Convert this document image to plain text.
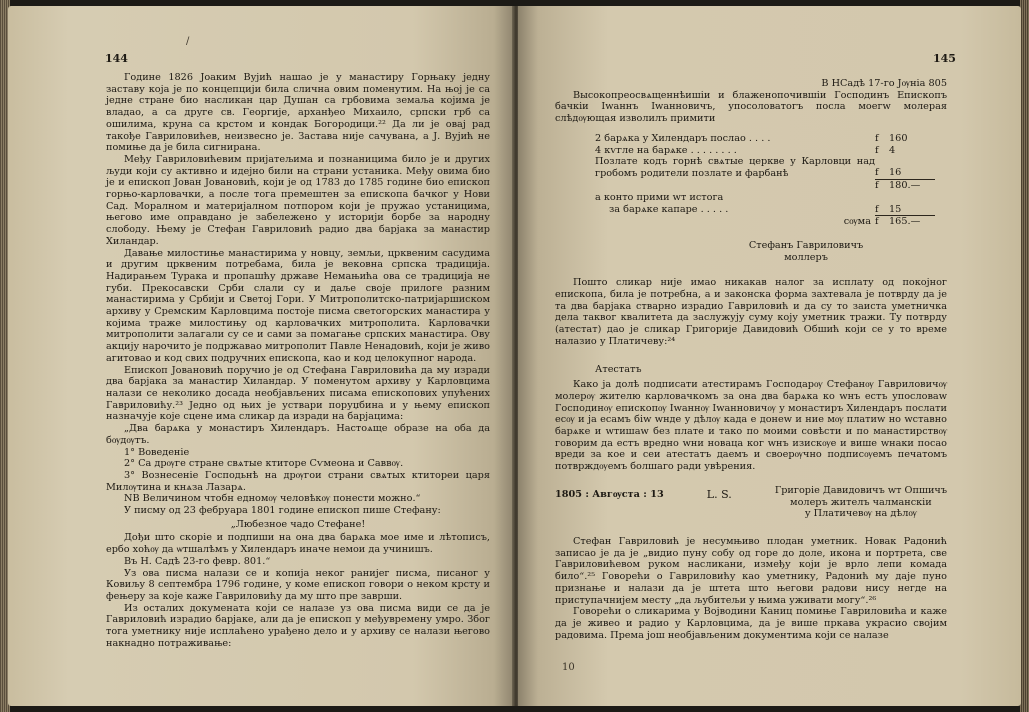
144
/

Године 1826 Јоаким Вујић нашао је у манастиру Горњаку једну заставу која је по концепцији била слична овим поменутим. На њој је са једне стране био насликан цар Душан са грбовима земаља којима је владао, а са друге св. Георгије, арханђео Михаило, српски грб са ошилима, круна са крстом и кондак Богородици.²² Да ли је овај рад такође Гавриловићев, неизвесно је. Застава није сачувана, а Ј. Вујић не помиње да је била сигнирана.

Међу Гавриловићевим пријатељима и познаницима било је и других људи који су активно и идејно били на страни устаника. Међу овима био је и епископ Јован Јовановић, који је од 1783 до 1785 године био епископ горњо-карловачки, а после тога премештен за епископа бачког у Нови Сад. Моралном и материјалном потпором који је пружао устаницима, његово име оправдано је забележено у историји борбе за народну слободу. Њему је Стефан Гавриловић радио два барјака за манастир Хиландар.

Давање милостиње манастирима у новцу, земљи, црквеним сасудима и другим црквеним потребама, била је вековна српска традиција. Надирањем Турака и пропашћу државе Немањића ова се традиција не губи. Прекосавски Срби слали су и даље своје прилоге разним манастирима у Србији и Светој Гори. У Митрополитско-патријаршиском архиву у Сремским Карловцима постоје писма светогорских манастира у којима траже милостињу од карловачких митрополита. Карловачки митрополити залагали су се и сами за помагање српских манастира. Ову акцију нарочито је подржавао митрополит Павле Ненадовић, који је живо агитовао и код свих подручних епископа, као и код целокупног народа.

Епископ Јовановић поручио је од Стефана Гавриловића да му изради два барјака за манастир Хиландар. У поменутом архиву у Карловцима налази се неколико досада необјављених писама епископових упућених Гавриловићу.²³ Једно од њих је уствари поруџбина и у њему епископ назначује које сцене има сликар да изради на барјацима:

„Два барѧка у монастиръ Хилендаръ. Настоѧще образе на оба да бѹдѹтъ.

1° Воведеніе

2° Са дрѹге стране свѧтые ктиторе Сѵмеона и Саввѹ.

3° Вознесеніе Господьнѣ на дрѹгои страни свѧтых ктитореи царя Милѹтина и кнѧза Лазарѧ.

NB Величином чтобн едномѹ человѣкѹ понести можно.“

У писму од 23 фебруара 1801 године епископ пише Стефану:

„Любезное чадо Стефане!

Дођи што скоріе и подпиши на она два барѧка мое име и лѣтописъ, ербо хоћѹ да ѡтшалѣмъ у Хилендаръ иначе немои да учинишъ.

Въ Н. Садѣ 23-го февр. 801.“

Уз ова писма налази се и копија неког ранијег писма, писаног у Ковиљу 8 септембра 1796 године, у коме епископ говори о неком крсту и фењеру за које каже Гавриловићу да му што пре заврши.

Из осталих докумената који се налазе уз ова писма види се да је Гавриловић израдио барјаке, али да је епископ у међувремену умро. Због тога уметнику није исплаћено урађено дело и у архиву се налази његово накнадно потраживање:

145

В НСадѣ 17-го Јѹніа 805

Высокопреосвѧщеннѣишіи и блаженопочившіи Господинъ Епископъ бачкіи Іwаннъ Іwанновичъ, упосоловатогъ посла моегw молерая слѣдѹющая изволилъ примити

2 барѧка у Хилендаръ послао . . . .	f	160
4 кѵгле на барѧке . . . . . . . .	f	4
Позлате кодъ горнѣ свѧтые церкве у Карловци над гробомъ родители позлате и фарбанѣ	f	16
	f	180.—
а конто прими wт истога		
за барѧке капаре . . . . .	f	15
сѹма	f	165.—

Стефанъ Гавриловичъ

моллеръ

Пошто сликар није имао никакав налог за исплату од покојног епископа, била је потребна, а и законска форма захтевала је потврду да је та два барјака стварно израдио Гавриловић и да су то заиста уметничка дела таквог квалитета да заслужују суму коју уметник тражи. Ту потврду (атестат) дао је сликар Григорије Давидовић Обшић који се у то време налазио у Платичеву:²⁴

Атестатъ

Како ја долѣ подписати атестирамъ Господарѹ Стефанѹ Гавриловичѹ молерѹ жителю карловачкомъ за она два барѧка ко wнъ естъ упословаw Господинѹ епископѹ Іwаннѹ Іwанновичѹ у монастиръ Хилендаръ послати есѹ и ја есамъ бiw wнде у дѣлѹ када е донеw и ние мѹ платиw но wставно барѧке и wтишаw без плате и тако по моими совѣсти и по манастирствѹ говорим да естъ вредно wни новаца ког wнъ изискѹе и више wнаки посао вреди за кое и сеи атестатъ даемъ и своерѹчно подписѹемъ печатомъ потврждѹемъ болшаго ради увѣрения.

1805 : Авгѹста : 13	L. S.	Григоріе Давидовичъ wт Опшичъ
молеръ жителъ чалманскіи
у Платичевѹ на дѣлѹ

Стефан Гавриловић је несумњиво плодан уметник. Новак Радонић записао је да је „видио пуну собу од горе до доле, икона и портрета, све Гавриловићевом руком насликани, између који је врло лепи комада било“.²⁵ Говорећи о Гавриловићу као уметнику, Радонић му даје пуно признање и налази да је штета што његови радови нису негде на приступачнијем месту „да љубитељи у њима уживати могу“.²⁶

Говорећи о сликарима у Војводини Каниц помиње Гавриловића и каже да је живео и радио у Карловцима, да је више пркава украсио својим радовима. Према још необјављеним документима који се налазе

10
